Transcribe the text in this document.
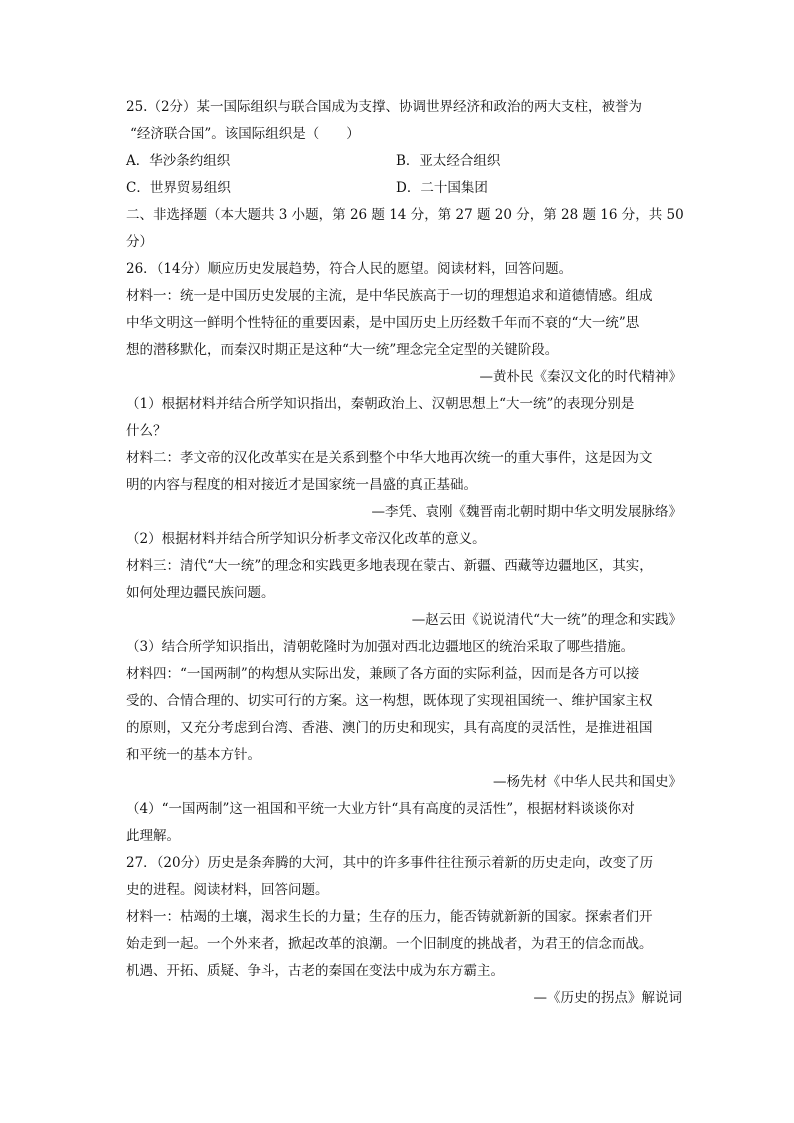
25.（2分）某一国际组织与联合国成为支撑、协调世界经济和政治的两大支柱，被誉为
“经济联合国”。该国际组织是（　　）
A．华沙条约组织	B．亚太经合组织
C．世界贸易组织	D．二十国集团
二、非选择题（本大题共 3 小题，第 26 题 14 分，第 27 题 20 分，第 28 题 16 分，共 50
分）
26．（14分）顺应历史发展趋势，符合人民的愿望。阅读材料，回答问题。
材料一：统一是中国历史发展的主流，是中华民族高于一切的理想追求和道德情感。组成
中华文明这一鲜明个性特征的重要因素，是中国历史上历经数千年而不衰的“大一统”思
想的潜移默化，而秦汉时期正是这种“大一统”理念完全定型的关键阶段。
—黄朴民《秦汉文化的时代精神》
（1）根据材料并结合所学知识指出，秦朝政治上、汉朝思想上“大一统”的表现分别是
什么？
材料二：孝文帝的汉化改革实在是关系到整个中华大地再次统一的重大事件，这是因为文
明的内容与程度的相对接近才是国家统一昌盛的真正基础。
—李凭、袁刚《魏晋南北朝时期中华文明发展脉络》
（2）根据材料并结合所学知识分析孝文帝汉化改革的意义。
材料三：清代“大一统”的理念和实践更多地表现在蒙古、新疆、西藏等边疆地区，其实，
如何处理边疆民族问题。
—赵云田《说说清代“大一统”的理念和实践》
（3）结合所学知识指出，清朝乾隆时为加强对西北边疆地区的统治采取了哪些措施。
材料四：“一国两制”的构想从实际出发，兼顾了各方面的实际利益，因而是各方可以接
受的、合情合理的、切实可行的方案。这一构想，既体现了实现祖国统一、维护国家主权
的原则，又充分考虑到台湾、香港、澳门的历史和现实，具有高度的灵活性，是推进祖国
和平统一的基本方针。
—杨先材《中华人民共和国史》
（4）“一国两制”这一祖国和平统一大业方针“具有高度的灵活性”，根据材料谈谈你对
此理解。
27．（20分）历史是条奔腾的大河，其中的许多事件往往预示着新的历史走向，改变了历
史的进程。阅读材料，回答问题。
材料一：枯竭的土壤，渴求生长的力量；生存的压力，能否铸就新新的国家。探索者们开
始走到一起。一个外来者，掀起改革的浪潮。一个旧制度的挑战者，为君王的信念而战。
机遇、开拓、质疑、争斗，古老的秦国在变法中成为东方霸主。
—《历史的拐点》解说词
